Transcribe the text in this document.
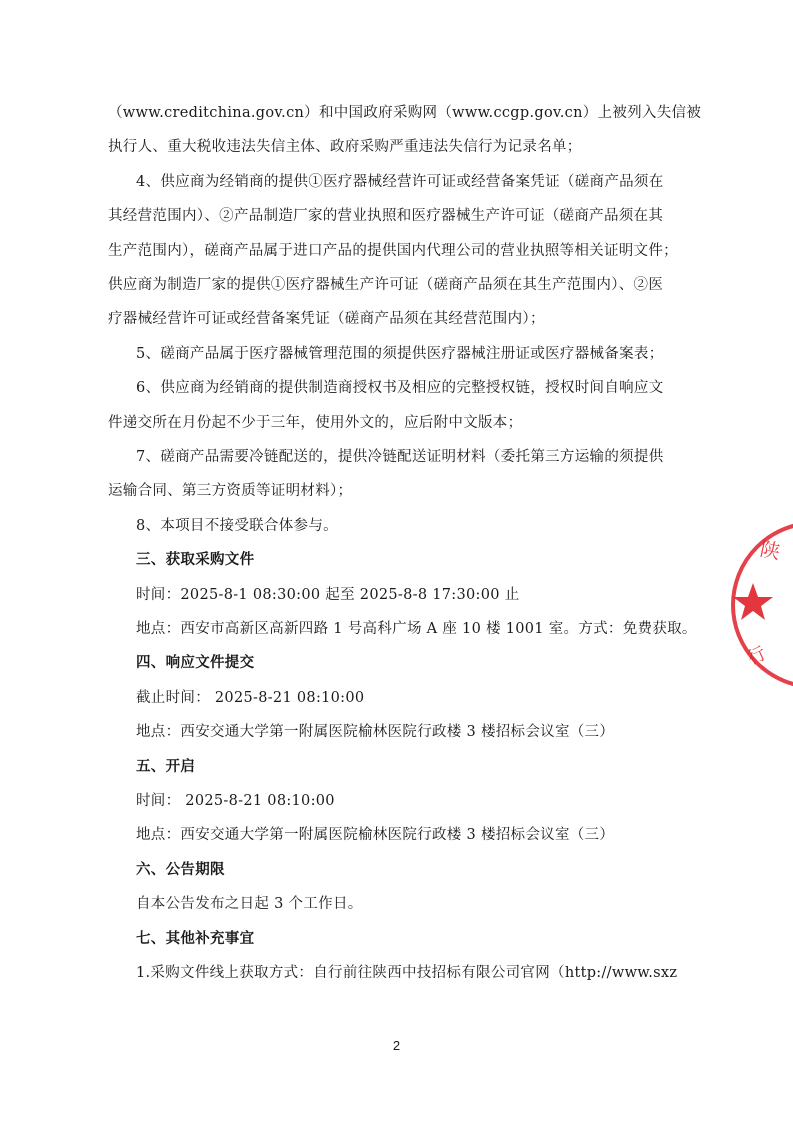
（www.creditchina.gov.cn）和中国政府采购网（www.ccgp.gov.cn）上被列入失信被
执行人、重大税收违法失信主体、政府采购严重违法失信行为记录名单；
4、供应商为经销商的提供①医疗器械经营许可证或经营备案凭证（磋商产品须在
其经营范围内）、②产品制造厂家的营业执照和医疗器械生产许可证（磋商产品须在其
生产范围内），磋商产品属于进口产品的提供国内代理公司的营业执照等相关证明文件；
供应商为制造厂家的提供①医疗器械生产许可证（磋商产品须在其生产范围内）、②医
疗器械经营许可证或经营备案凭证（磋商产品须在其经营范围内）；
5、磋商产品属于医疗器械管理范围的须提供医疗器械注册证或医疗器械备案表；
6、供应商为经销商的提供制造商授权书及相应的完整授权链，授权时间自响应文
件递交所在月份起不少于三年，使用外文的，应后附中文版本；
7、磋商产品需要冷链配送的，提供冷链配送证明材料（委托第三方运输的须提供
运输合同、第三方资质等证明材料）；
8、本项目不接受联合体参与。
三、获取采购文件
时间：2025-8-1 08:30:00 起至 2025-8-8 17:30:00 止
地点：西安市高新区高新四路 1 号高科广场 A 座 10 楼 1001 室。方式：免费获取。
四、响应文件提交
截止时间： 2025-8-21 08:10:00
地点：西安交通大学第一附属医院榆林医院行政楼 3 楼招标会议室（三）
五、开启
时间： 2025-8-21 08:10:00
地点：西安交通大学第一附属医院榆林医院行政楼 3 楼招标会议室（三）
六、公告期限
自本公告发布之日起 3 个工作日。
七、其他补充事宜
1.采购文件线上获取方式：自行前往陕西中技招标有限公司官网（http://www.sxz
陕
行
2
